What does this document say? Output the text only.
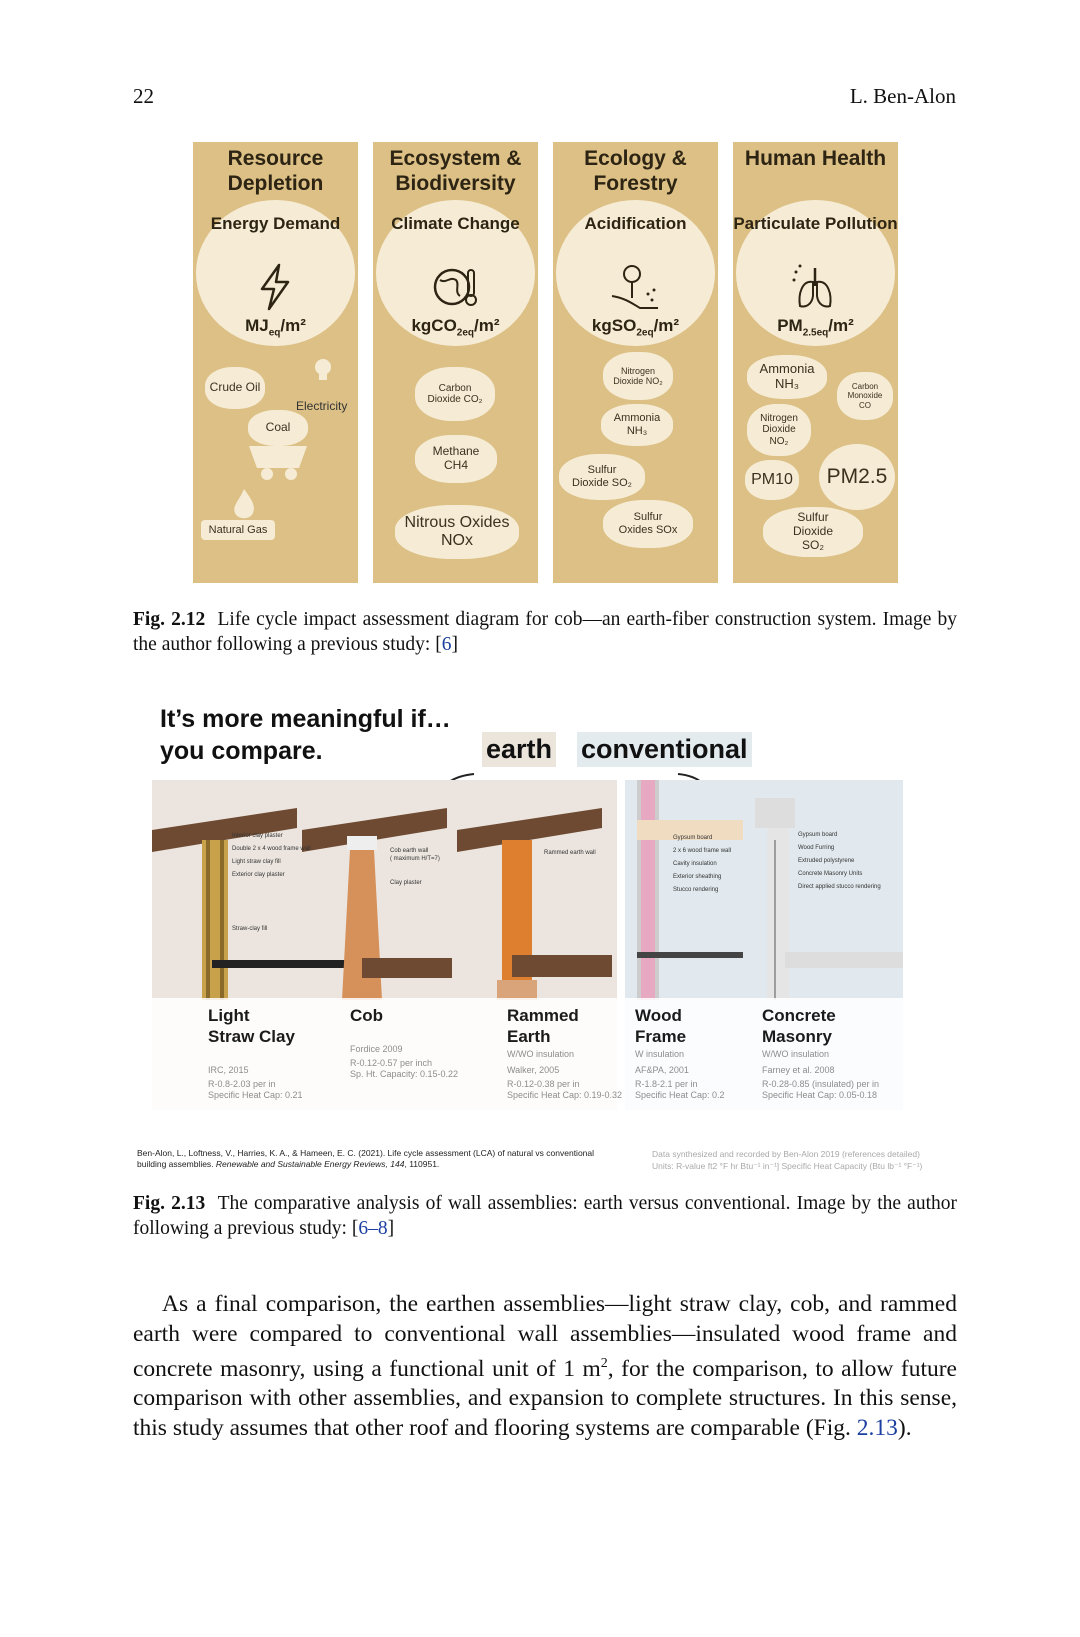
22	L. Ben-Alon
Resource Depletion
Energy Demand
$MJ_{eq}/m^2$
Crude Oil
Electricity
Coal
Natural Gas
Ecosystem & Biodiversity
Climate Change
kgCO$_{2eq}$/m²
Carbon Dioxide CO₂
Methane CH4
Nitrous Oxides NOx
Ecology & Forestry
Acidification
kgSO$_{2eq}$/m²
Nitrogen Dioxide NO₂
Ammonia NH₃
Sulfur Dioxide SO₂
Sulfur Oxides SOx
Human Health
Particulate Pollution
$PM_{2.5eq}/m^2$
Ammonia NH₃	Carbon Monoxide CO
Nitrogen Dioxide NO₂
PM10	PM2.5
Sulfur Dioxide SO₂
Fig. 2.12 Life cycle impact assessment diagram for cob—an earth-fiber construction system. Image by the author following a previous study: [6]
It’s more meaningful if…
you compare.	earth conventional
Interior clay plaster
Double 2 x 4 wood frame wall
Light straw clay fill
Exterior clay plaster
Straw-clay fill
Cob earth wall
( maximum H/T=7)
Clay plaster
Rammed earth wall
Gypsum board
2 x 6 wood frame wall
Cavity insulation
Exterior sheathing
Stucco rendering
Gypsum board
Wood Furring
Extruded polystyrene
Concrete Masonry Units
Direct applied stucco rendering
Light
Straw Clay
IRC, 2015
R-0.8-2.03 per in
Specific Heat Cap: 0.21
Cob
Fordice 2009
R-0.12-0.57 per inch
Sp. Ht. Capacity: 0.15-0.22
Rammed
Earth
W/WO insulation
Walker, 2005
R-0.12-0.38 per in
Specific Heat Cap: 0.19-0.32
Wood
Frame
W insulation
AF&PA, 2001
R-1.8-2.1 per in
Specific Heat Cap: 0.2
Concrete
Masonry
W/WO insulation
Farney et al. 2008
R-0.28-0.85 (insulated) per in
Specific Heat Cap: 0.05-0.18
Ben-Alon, L., Loftness, V., Harries, K. A., & Hameen, E. C. (2021). Life cycle assessment (LCA) of natural vs conventional building assemblies. Renewable and Sustainable Energy Reviews, 144, 110951.
Data synthesized and recorded by Ben-Alon 2019 (references detailed)
Units: R-value ft2 °F hr Btu⁻¹ in⁻¹] Specific Heat Capacity (Btu lb⁻¹ °F⁻¹)
Fig. 2.13 The comparative analysis of wall assemblies: earth versus conventional. Image by the author following a previous study: [6–8]
As a final comparison, the earthen assemblies—light straw clay, cob, and rammed earth were compared to conventional wall assemblies—insulated wood frame and concrete masonry, using a functional unit of 1 $m^2$, for the comparison, to allow future comparison with other assemblies, and expansion to complete structures. In this sense, this study assumes that other roof and flooring systems are comparable (Fig. 2.13).
